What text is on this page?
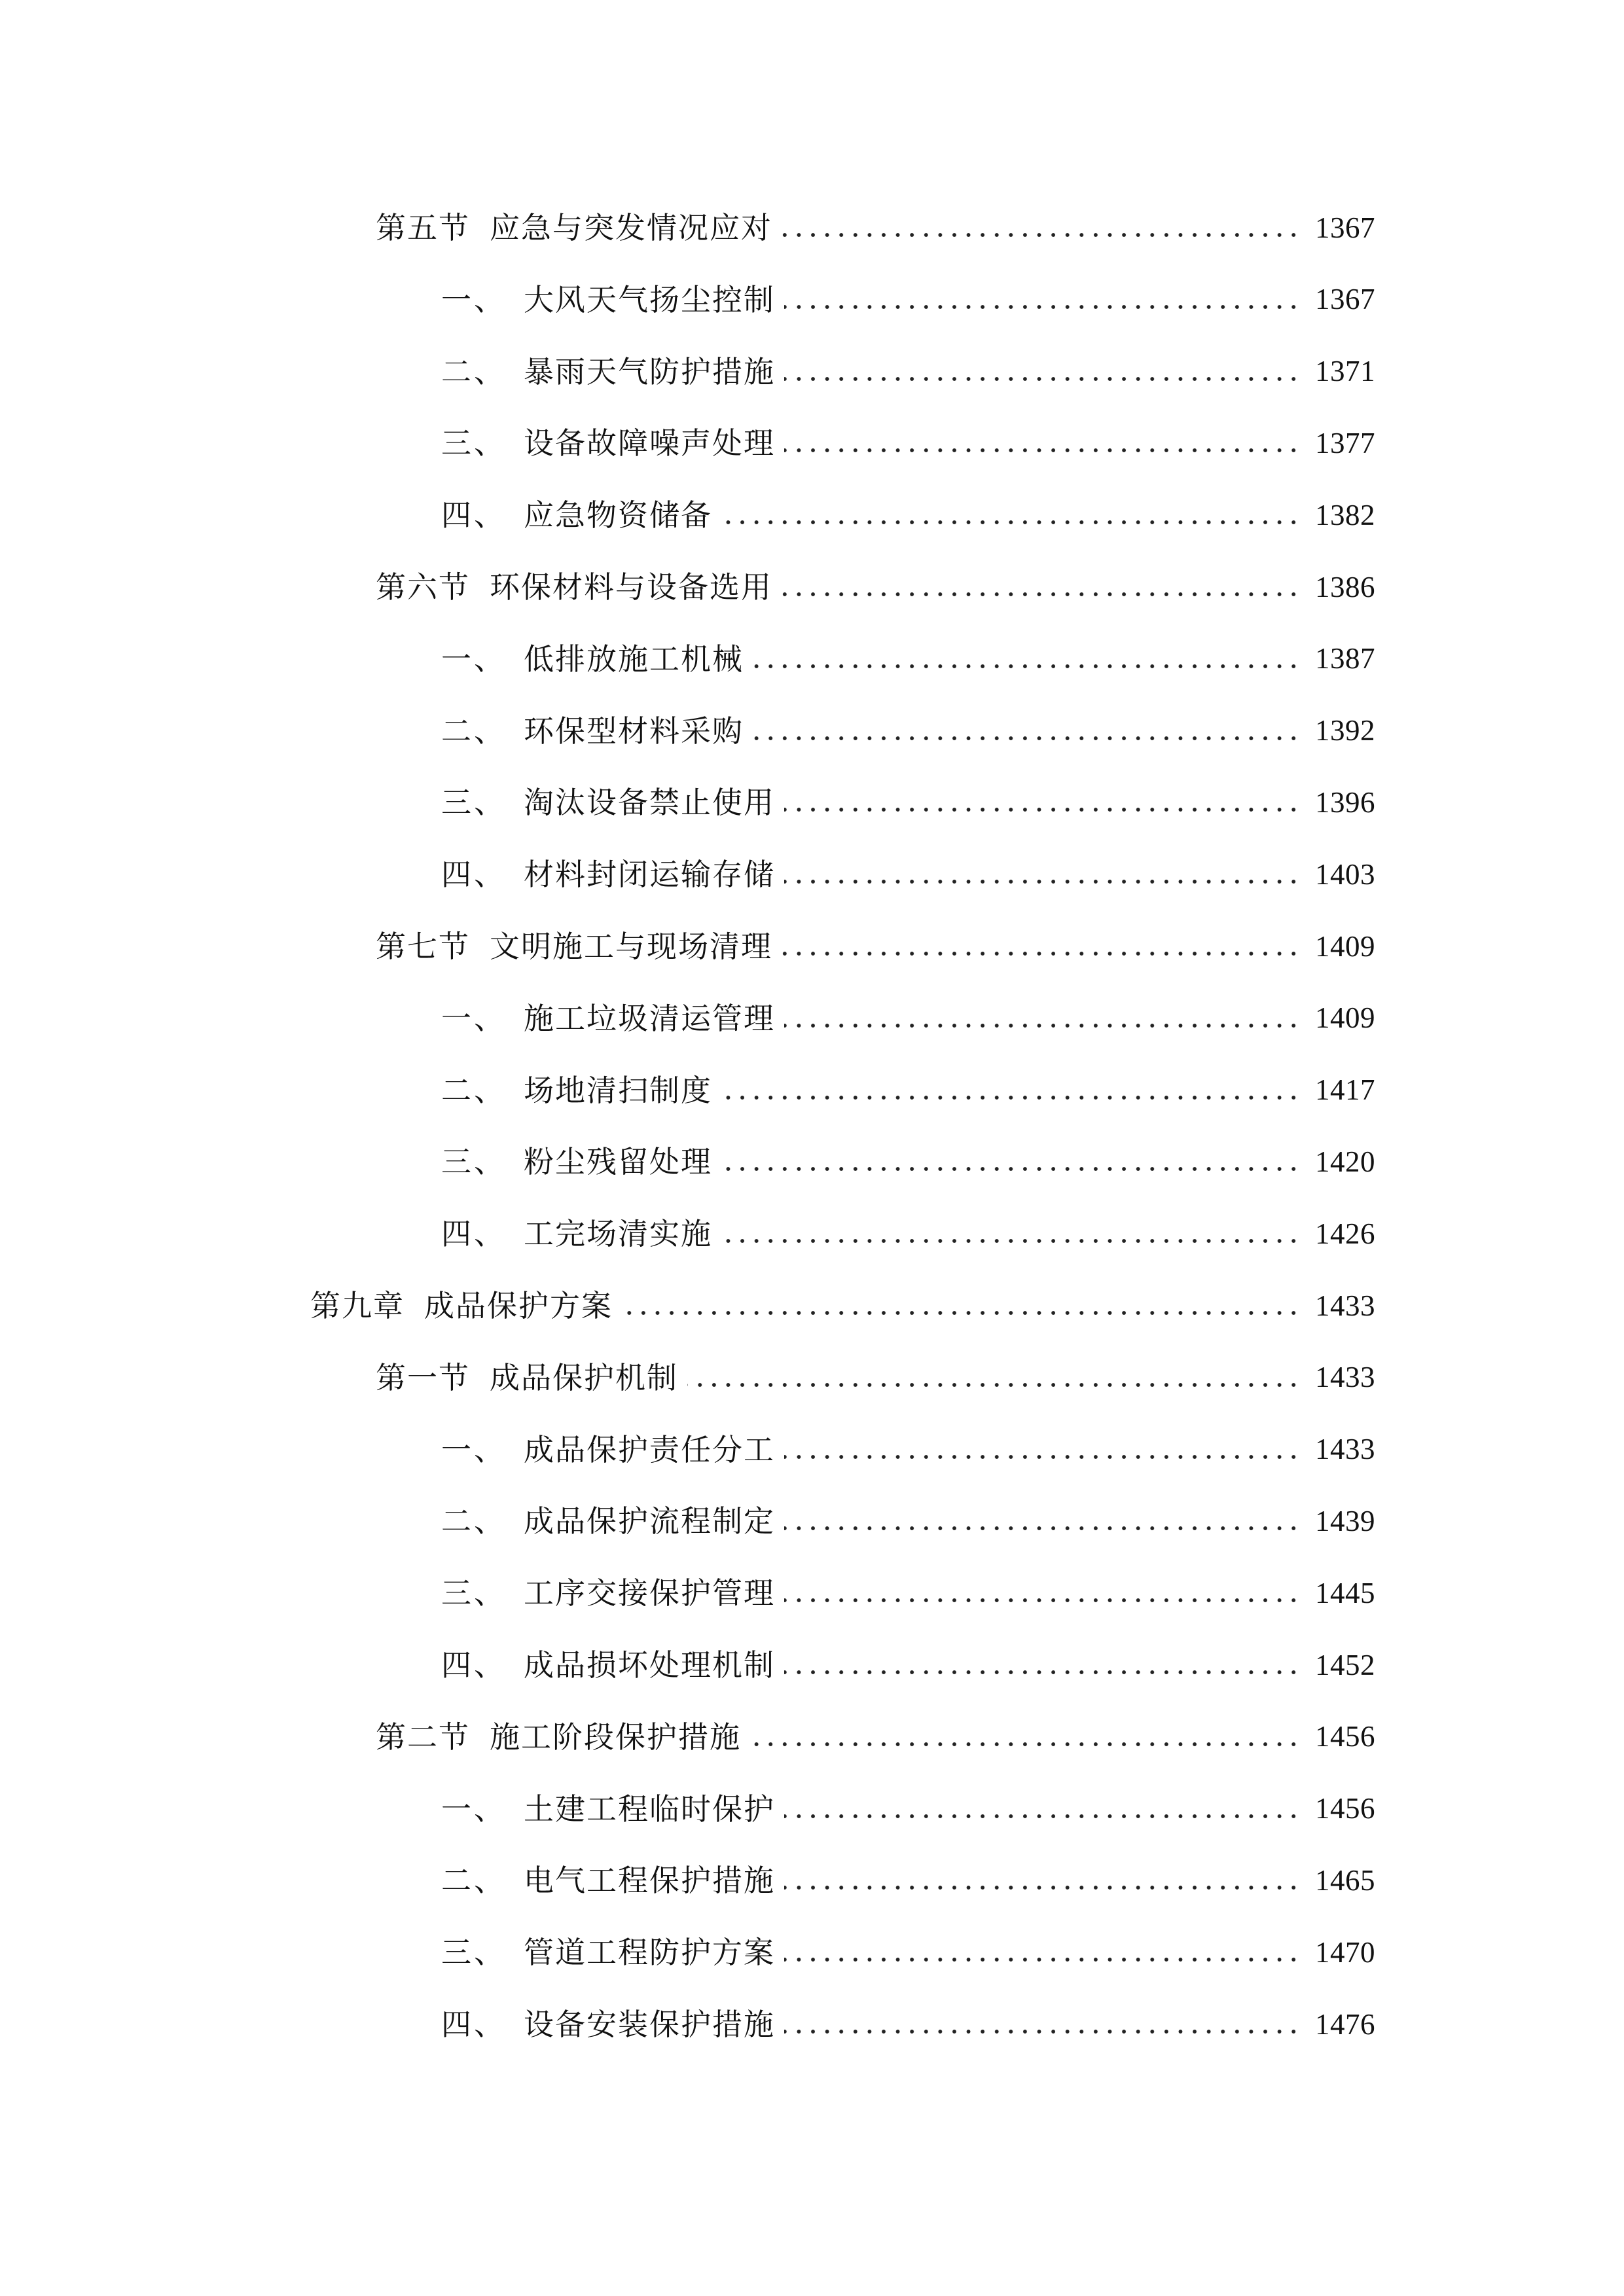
第五节 应急与突发情况应对	1367
一、 大风天气扬尘控制	1367
二、 暴雨天气防护措施	1371
三、 设备故障噪声处理	1377
四、 应急物资储备	1382
第六节 环保材料与设备选用	1386
一、 低排放施工机械	1387
二、 环保型材料采购	1392
三、 淘汰设备禁止使用	1396
四、 材料封闭运输存储	1403
第七节 文明施工与现场清理	1409
一、 施工垃圾清运管理	1409
二、 场地清扫制度	1417
三、 粉尘残留处理	1420
四、 工完场清实施	1426
第九章 成品保护方案	1433
第一节 成品保护机制	1433
一、 成品保护责任分工	1433
二、 成品保护流程制定	1439
三、 工序交接保护管理	1445
四、 成品损坏处理机制	1452
第二节 施工阶段保护措施	1456
一、 土建工程临时保护	1456
二、 电气工程保护措施	1465
三、 管道工程防护方案	1470
四、 设备安装保护措施	1476
